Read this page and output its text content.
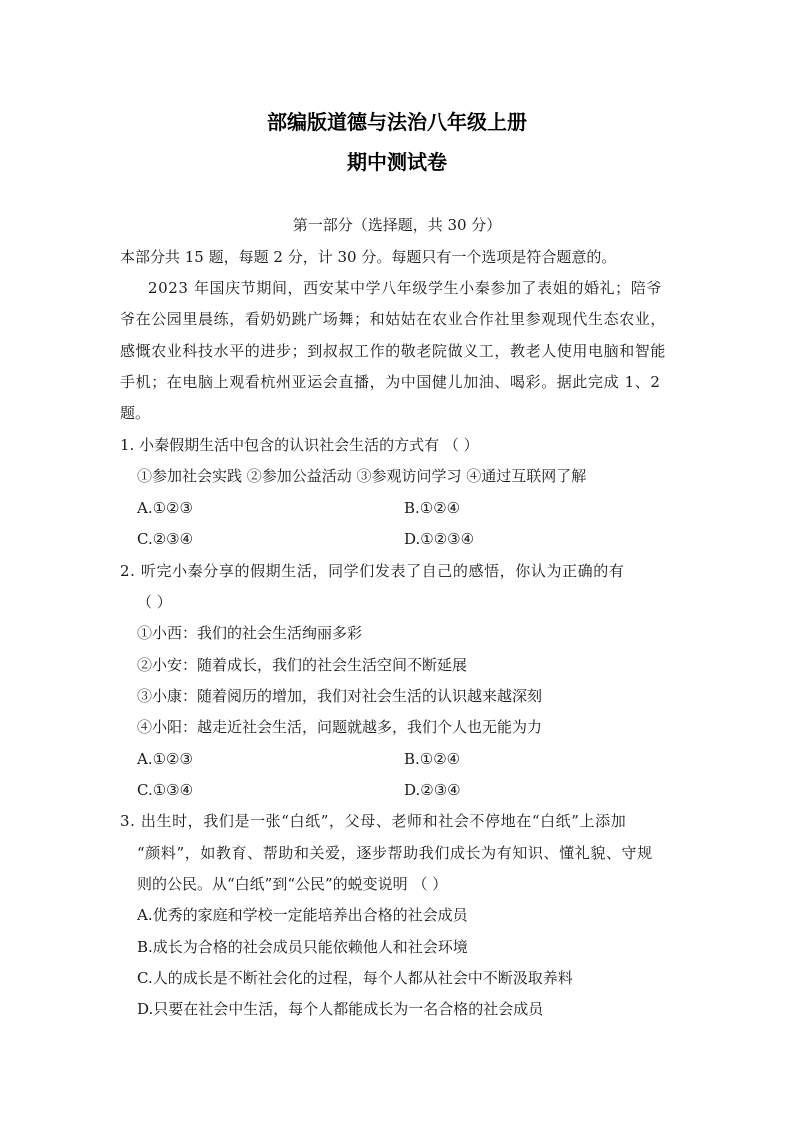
部编版道德与法治八年级上册
期中测试卷
第一部分（选择题，共 30 分）
本部分共 15 题，每题 2 分，计 30 分。每题只有一个选项是符合题意的。
2023 年国庆节期间，西安某中学八年级学生小秦参加了表姐的婚礼；陪爷
爷在公园里晨练，看奶奶跳广场舞；和姑姑在农业合作社里参观现代生态农业，
感慨农业科技水平的进步；到叔叔工作的敬老院做义工，教老人使用电脑和智能
手机；在电脑上观看杭州亚运会直播，为中国健儿加油、喝彩。据此完成 1、2
题。
1. 小秦假期生活中包含的认识社会生活的方式有 （ ）
①参加社会实践 ②参加公益活动 ③参观访问学习 ④通过互联网了解
A.①②③	B.①②④
C.②③④	D.①②③④
2. 听完小秦分享的假期生活，同学们发表了自己的感悟，你认为正确的有
（ ）
①小西：我们的社会生活绚丽多彩
②小安：随着成长，我们的社会生活空间不断延展
③小康：随着阅历的增加，我们对社会生活的认识越来越深刻
④小阳：越走近社会生活，问题就越多，我们个人也无能为力
A.①②③	B.①②④
C.①③④	D.②③④
3. 出生时，我们是一张“白纸”，父母、老师和社会不停地在“白纸”上添加
“颜料”，如教育、帮助和关爱，逐步帮助我们成长为有知识、懂礼貌、守规
则的公民。从“白纸”到“公民”的蜕变说明 （ ）
A.优秀的家庭和学校一定能培养出合格的社会成员
B.成长为合格的社会成员只能依赖他人和社会环境
C.人的成长是不断社会化的过程，每个人都从社会中不断汲取养料
D.只要在社会中生活，每个人都能成长为一名合格的社会成员
